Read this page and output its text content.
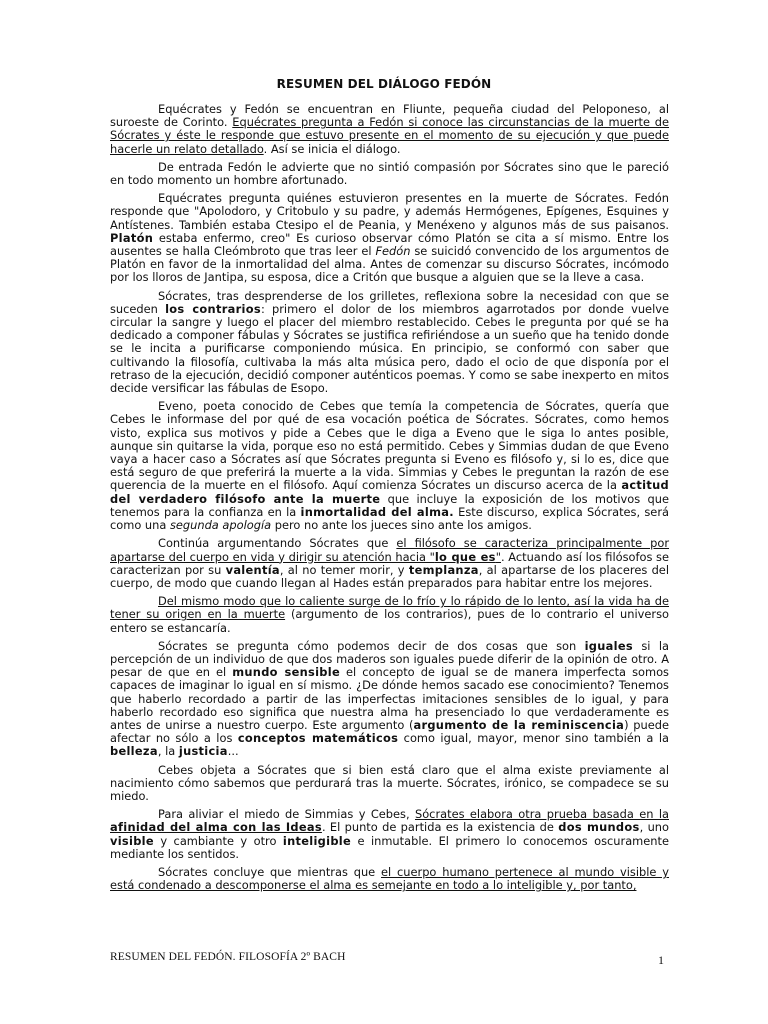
RESUMEN DEL DIÁLOGO FEDÓN

Equécrates y Fedón se encuentran en Fliunte, pequeña ciudad del Peloponeso, al suroeste de Corinto. Equécrates pregunta a Fedón si conoce las circunstancias de la muerte de Sócrates y éste le responde que estuvo presente en el momento de su ejecución y que puede hacerle un relato detallado. Así se inicia el diálogo.

De entrada Fedón le advierte que no sintió compasión por Sócrates sino que le pareció en todo momento un hombre afortunado.

Equécrates pregunta quiénes estuvieron presentes en la muerte de Sócrates. Fedón responde que "Apolodoro, y Critobulo y su padre, y además Hermógenes, Epígenes, Esquines y Antístenes. También estaba Ctesipo el de Peania, y Menéxeno y algunos más de sus paisanos. Platón estaba enfermo, creo" Es curioso observar cómo Platón se cita a sí mismo. Entre los ausentes se halla Cleómbroto que tras leer el Fedón se suicidó convencido de los argumentos de Platón en favor de la inmortalidad del alma. Antes de comenzar su discurso Sócrates, incómodo por los lloros de Jantipa, su esposa, dice a Critón que busque a alguien que se la lleve a casa.

Sócrates, tras desprenderse de los grilletes, reflexiona sobre la necesidad con que se suceden los contrarios: primero el dolor de los miembros agarrotados por donde vuelve circular la sangre y luego el placer del miembro restablecido. Cebes le pregunta por qué se ha dedicado a componer fábulas y Sócrates se justifica refiriéndose a un sueño que ha tenido donde se le incita a purificarse componiendo música. En principio, se conformó con saber que cultivando la filosofía, cultivaba la más alta música pero, dado el ocio de que disponía por el retraso de la ejecución, decidió componer auténticos poemas. Y como se sabe inexperto en mitos decide versificar las fábulas de Esopo.

Eveno, poeta conocido de Cebes que temía la competencia de Sócrates, quería que Cebes le informase del por qué de esa vocación poética de Sócrates. Sócrates, como hemos visto, explica sus motivos y pide a Cebes que le diga a Eveno que le siga lo antes posible, aunque sin quitarse la vida, porque eso no está permitido. Cebes y Simmias dudan de que Eveno vaya a hacer caso a Sócrates así que Sócrates pregunta si Eveno es filósofo y, si lo es, dice que está seguro de que preferirá la muerte a la vida. Simmias y Cebes le preguntan la razón de ese querencia de la muerte en el filósofo. Aquí comienza Sócrates un discurso acerca de la actitud del verdadero filósofo ante la muerte que incluye la exposición de los motivos que tenemos para la confianza en la inmortalidad del alma. Este discurso, explica Sócrates, será como una segunda apología pero no ante los jueces sino ante los amigos.

Continúa argumentando Sócrates que el filósofo se caracteriza principalmente por apartarse del cuerpo en vida y dirigir su atención hacia "lo que es". Actuando así los filósofos se caracterizan por su valentía, al no temer morir, y templanza, al apartarse de los placeres del cuerpo, de modo que cuando llegan al Hades están preparados para habitar entre los mejores.

Del mismo modo que lo caliente surge de lo frío y lo rápido de lo lento, así la vida ha de tener su origen en la muerte (argumento de los contrarios), pues de lo contrario el universo entero se estancaría.

Sócrates se pregunta cómo podemos decir de dos cosas que son iguales si la percepción de un individuo de que dos maderos son iguales puede diferir de la opinión de otro. A pesar de que en el mundo sensible el concepto de igual se de manera imperfecta somos capaces de imaginar lo igual en sí mismo. ¿De dónde hemos sacado ese conocimiento? Tenemos que haberlo recordado a partir de las imperfectas imitaciones sensibles de lo igual, y para haberlo recordado eso significa que nuestra alma ha presenciado lo que verdaderamente es antes de unirse a nuestro cuerpo. Este argumento (argumento de la reminiscencia) puede afectar no sólo a los conceptos matemáticos como igual, mayor, menor sino también a la belleza, la justicia...

Cebes objeta a Sócrates que si bien está claro que el alma existe previamente al nacimiento cómo sabemos que perdurará tras la muerte. Sócrates, irónico, se compadece se su miedo.

Para aliviar el miedo de Simmias y Cebes, Sócrates elabora otra prueba basada en la afinidad del alma con las Ideas. El punto de partida es la existencia de dos mundos, uno visible y cambiante y otro inteligible e inmutable. El primero lo conocemos oscuramente mediante los sentidos.

Sócrates concluye que mientras que el cuerpo humano pertenece al mundo visible y está condenado a descomponerse el alma es semejante en todo a lo inteligible y, por tanto,

RESUMEN DEL FEDÓN. FILOSOFÍA 2º BACH	1
